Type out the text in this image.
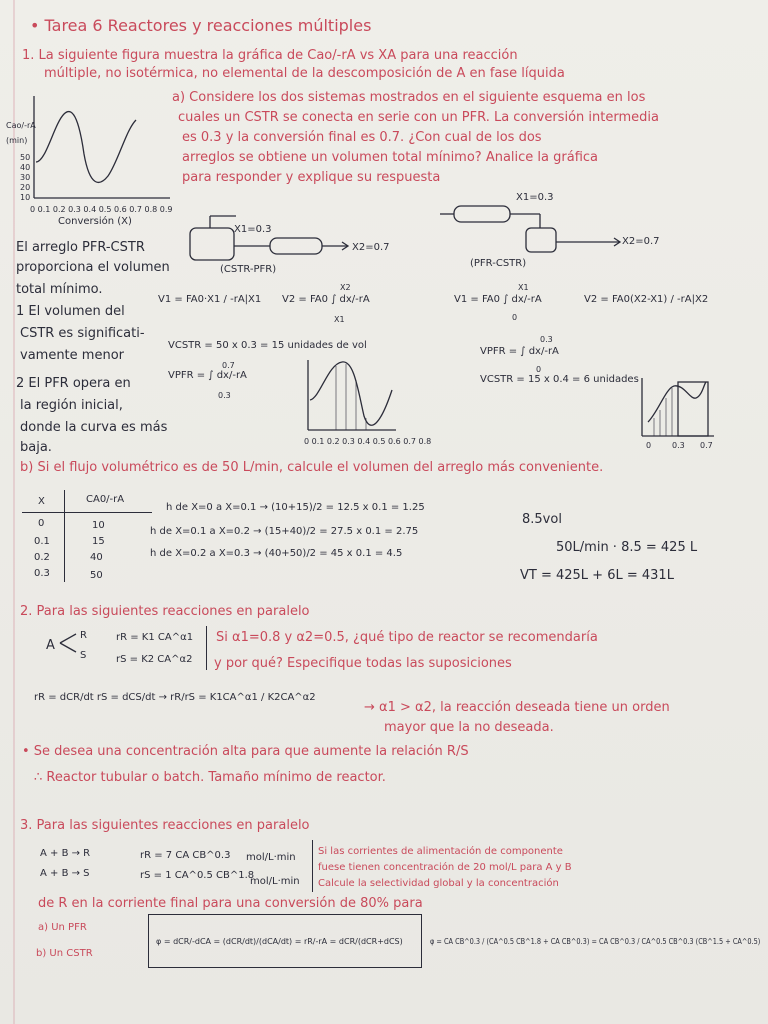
• Tarea 6 Reactores y reacciones múltiples
1. La siguiente figura muestra la gráfica de Cao/-rA vs XA para una reacción
múltiple, no isotérmica, no elemental de la descomposición de A en fase líquida
a) Considere los dos sistemas mostrados en el siguiente esquema en los
cuales un CSTR se conecta en serie con un PFR. La conversión intermedia
es 0.3 y la conversión final es 0.7. ¿Con cual de los dos
arreglos se obtiene un volumen total mínimo? Analice la gráfica
para responder y explique su respuesta
Cao/-rA (min)
50
40
30
20
10
0 0.1 0.2 0.3 0.4 0.5 0.6 0.7 0.8 0.9
Conversión (X)
X1=0.3
X2=0.7
(CSTR-PFR)
X1=0.3
X2=0.7
(PFR-CSTR)
El arreglo PFR-CSTR
proporciona el volumen
total mínimo.
1 El volumen del
CSTR es significati-
vamente menor
2 El PFR opera en
la región inicial,
donde la curva es más
baja.
V1 = FA0·X1 / -rA|X1 V2 = FA0 ∫ dx/-rA
X2
X1
VCSTR = 50 x 0.3 = 15 unidades de vol
VPFR = ∫ dx/-rA
0.7
0.3
0 0.1 0.2 0.3 0.4 0.5 0.6 0.7 0.8
V1 = FA0 ∫ dx/-rA
X1
0
V2 = FA0(X2-X1) / -rA|X2
VPFR = ∫ dx/-rA
0.3
0
VCSTR = 15 x 0.4 = 6 unidades
0	0.3 0.7
b) Si el flujo volumétrico es de 50 L/min, calcule el volumen del arreglo más conveniente.
X	CA0/-rA
0	10
0.1	15
0.2	40
0.3	50
h de X=0 a X=0.1 → (10+15)/2 = 12.5 x 0.1 = 1.25
h de X=0.1 a X=0.2 → (15+40)/2 = 27.5 x 0.1 = 2.75
h de X=0.2 a X=0.3 → (40+50)/2 = 45 x 0.1 = 4.5
8.5vol
50L/min · 8.5 = 425 L
VT = 425L + 6L = 431L
2. Para las siguientes reacciones en paralelo
A
R
S
rR = K1 CA^α1
rS = K2 CA^α2
Si α1=0.8 y α2=0.5, ¿qué tipo de reactor se recomendaría
y por qué? Especifique todas las suposiciones
rR = dCR/dt rS = dCS/dt → rR/rS = K1CA^α1 / K2CA^α2
→ α1 > α2, la reacción deseada tiene un orden
mayor que la no deseada.
• Se desea una concentración alta para que aumente la relación R/S
∴ Reactor tubular o batch. Tamaño mínimo de reactor.
3. Para las siguientes reacciones en paralelo
A + B → R	rR = 7 CA CB^0.3 mol/L·min
A + B → S	rS = 1 CA^0.5 CB^1.8
mol/L·min
Si las corrientes de alimentación de componente
fuese tienen concentración de 20 mol/L para A y B
Calcule la selectividad global y la concentración
de R en la corriente final para una conversión de 80% para
a) Un PFR
b) Un CSTR
φ = dCR/-dCA = (dCR/dt)/(dCA/dt) = rR/-rA = dCR/(dCR+dCS)	φ = CA CB^0.3 / (CA^0.5 CB^1.8 + CA CB^0.3) = CA CB^0.3 / CA^0.5 CB^0.3 (CB^1.5 + CA^0.5)
